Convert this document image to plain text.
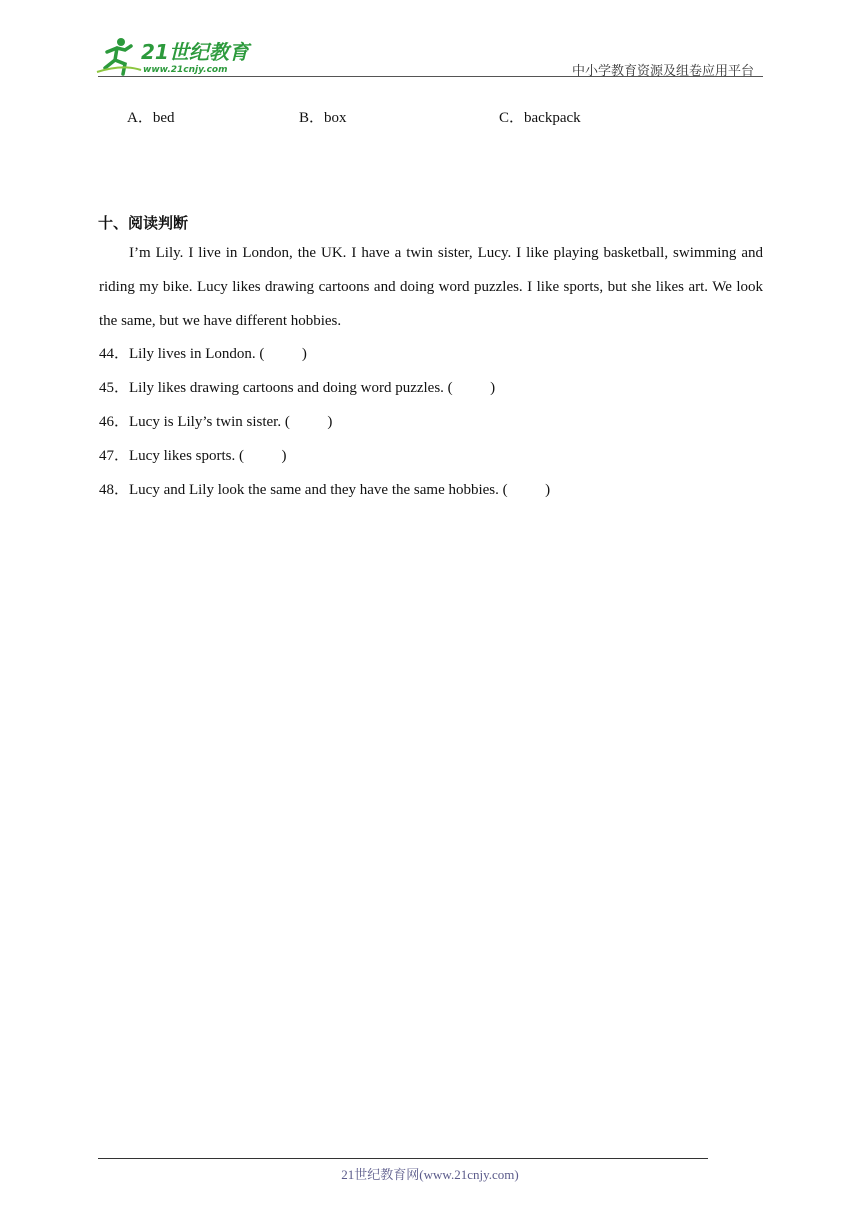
21世纪教育
www.21cnjy.com	中小学教育资源及组卷应用平台
A．bed	B．box	C．backpack
十、阅读判断
I’m Lily. I live in London, the UK. I have a twin sister, Lucy. I like playing basketball, swimming and riding my bike. Lucy likes drawing cartoons and doing word puzzles. I like sports, but she likes art. We look the same, but we have different hobbies.
44．Lily lives in London. (          )
45．Lily likes drawing cartoons and doing word puzzles. (          )
46．Lucy is Lily’s twin sister. (          )
47．Lucy likes sports. (          )
48．Lucy and Lily look the same and they have the same hobbies. (          )
21世纪教育网(www.21cnjy.com)
